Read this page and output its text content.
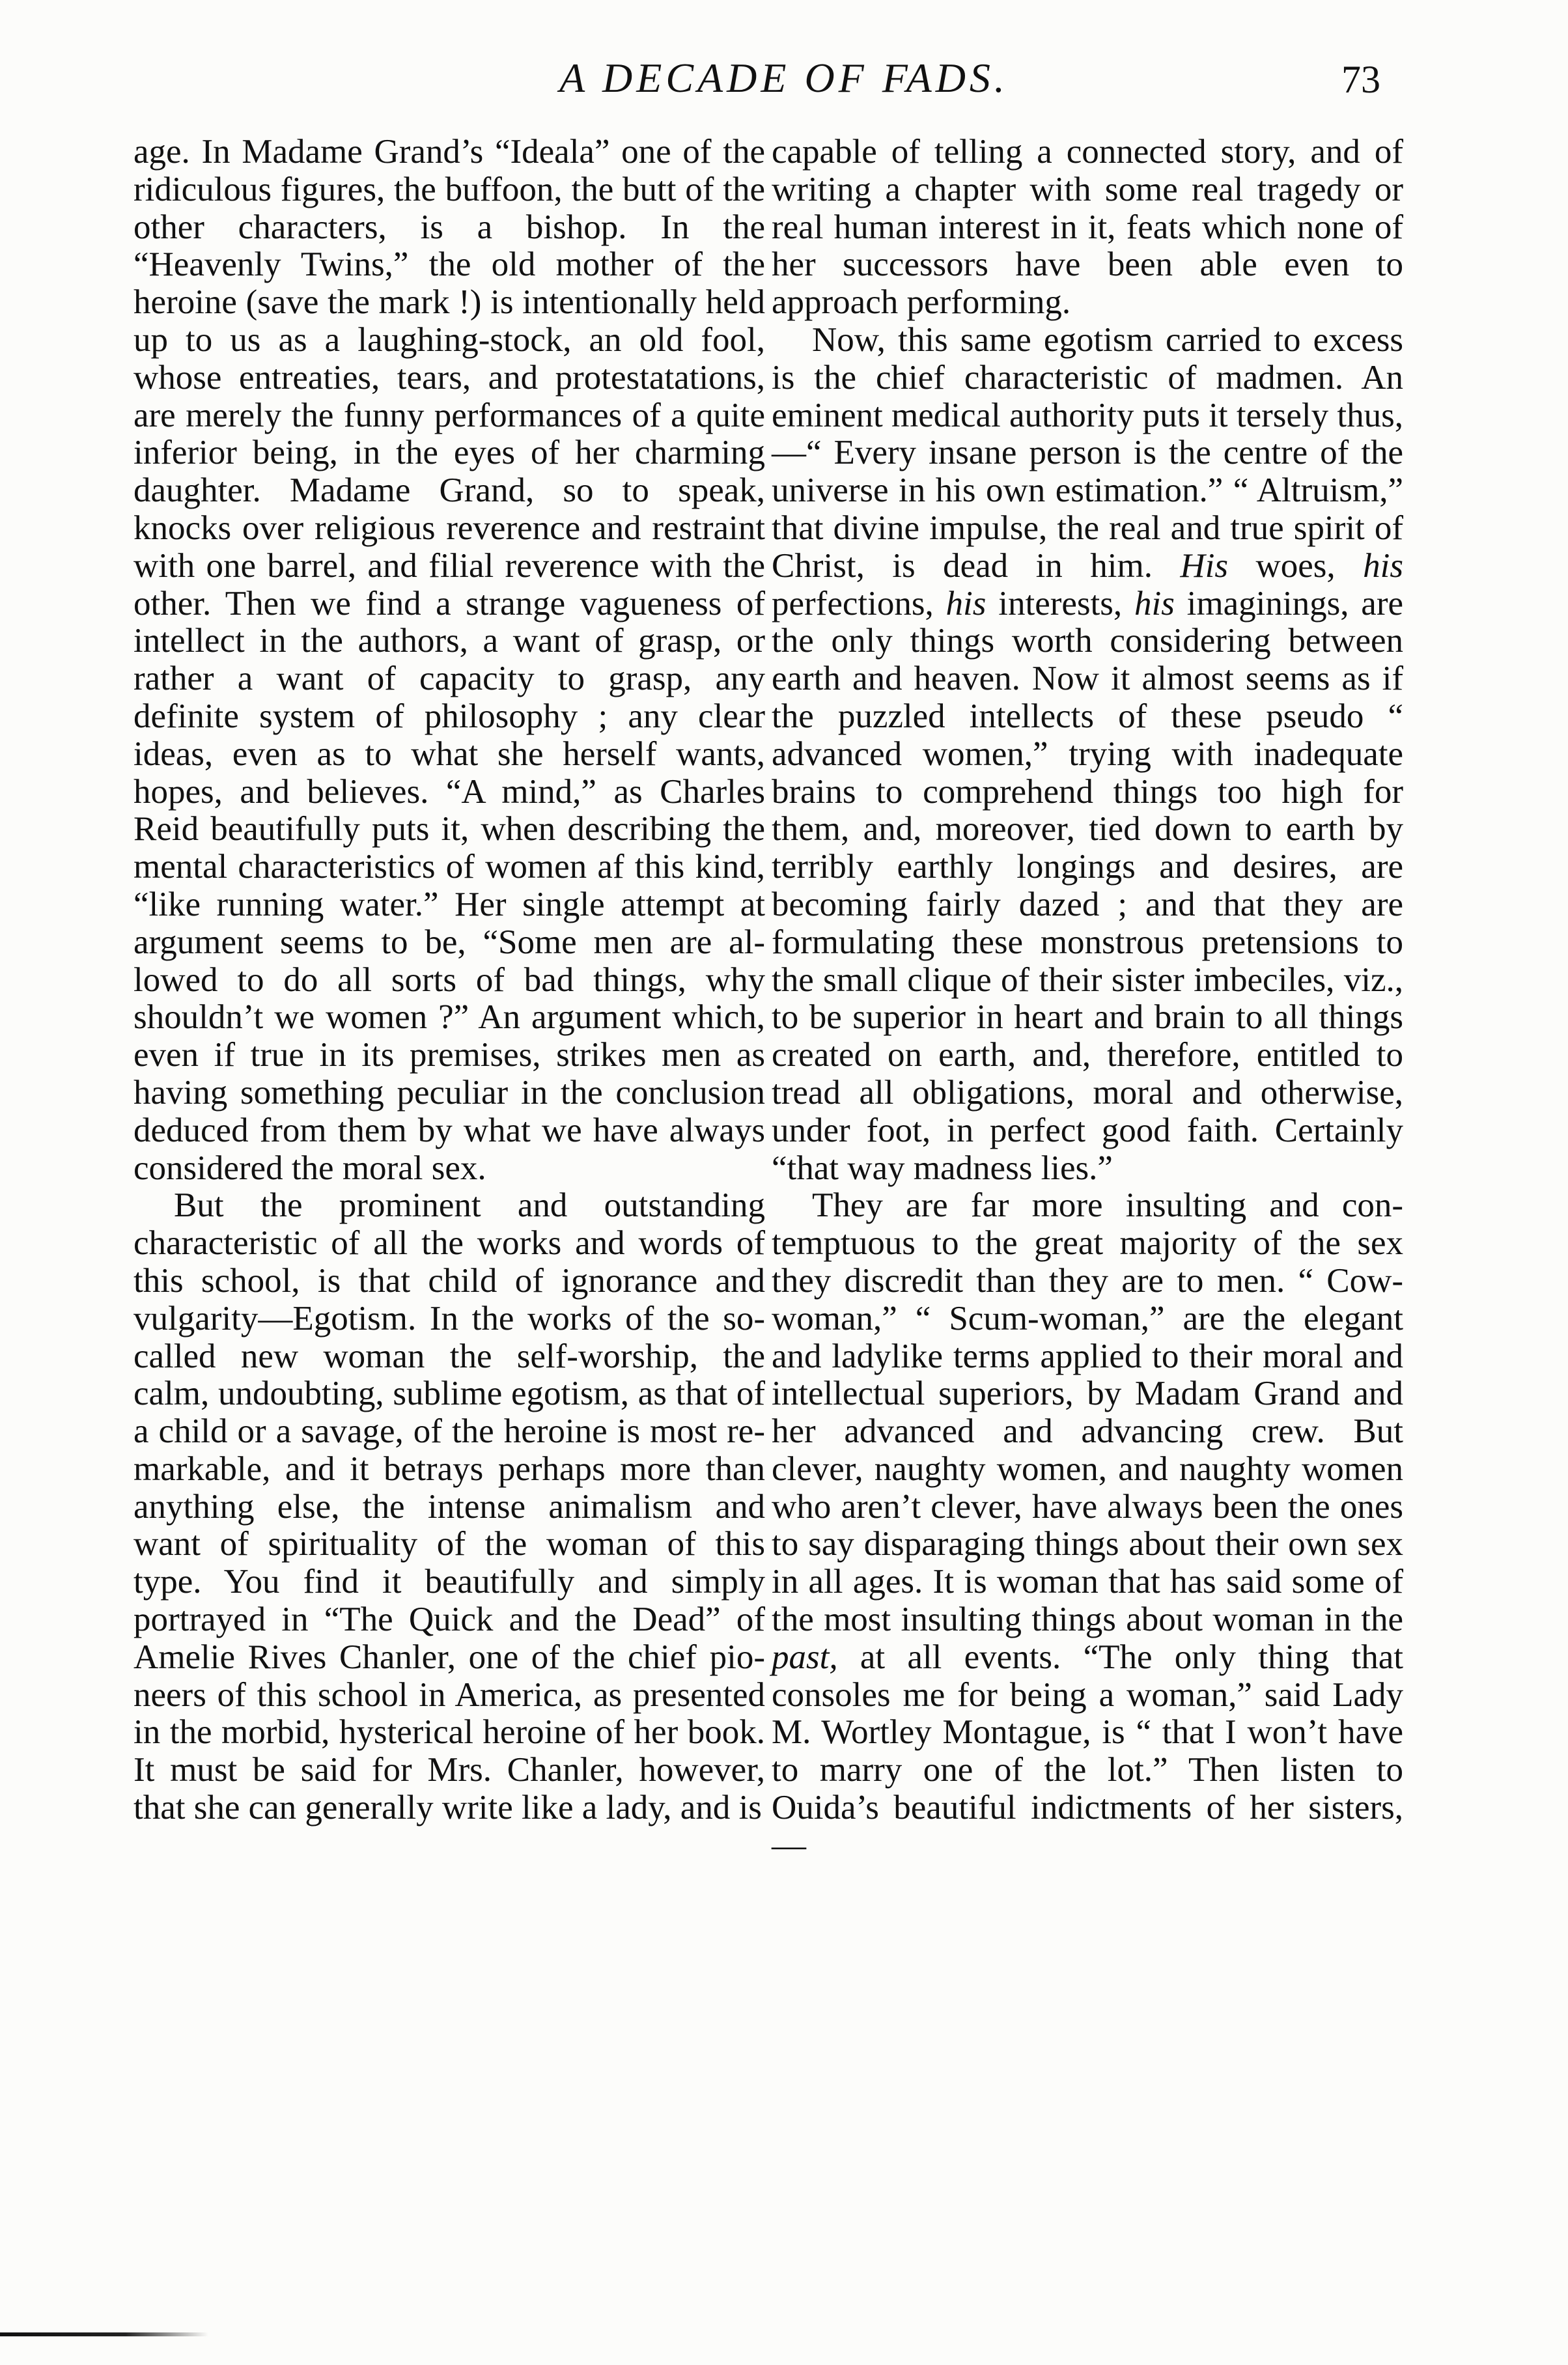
A DECADE OF FADS.	73

age. In Madame Grand’s “Ideala” one of the ridiculous figures, the buffoon, the butt of the other characters, is a bishop. In the “Heavenly Twins,” the old mother of the heroine (save the mark !) is intentionally held up to us as a laughing-stock, an old fool, whose entreaties, tears, and protestatations, are merely the funny performances of a quite inferior being, in the eyes of her charming daughter. Madame Grand, so to speak, knocks over religious reverence and restraint with one barrel, and filial reverence with the other. Then we find a strange vagueness of intellect in the authors, a want of grasp, or rather a want of capacity to grasp, any definite system of philosophy ; any clear ideas, even as to what she herself wants, hopes, and believes. “A mind,” as Charles Reid beautifully puts it, when describing the mental characteristics of women af this kind, “like running water.” Her single attempt at argument seems to be, “Some men are allowed to do all sorts of bad things, why shouldn’t we women ?” An argument which, even if true in its premises, strikes men as having something peculiar in the conclusion deduced from them by what we have always considered the moral sex.

But the prominent and outstanding characteristic of all the works and words of this school, is that child of ignorance and vulgarity—Egotism. In the works of the so-called new woman the self-worship, the calm, undoubting, sublime egotism, as that of a child or a savage, of the heroine is most remarkable, and it betrays perhaps more than anything else, the intense animalism and want of spirituality of the woman of this type. You find it beautifully and simply portrayed in “The Quick and the Dead” of Amelie Rives Chanler, one of the chief pioneers of this school in America, as presented in the morbid, hysterical heroine of her book. It must be said for Mrs. Chanler, however, that she can generally write like a lady, and is

capable of telling a connected story, and of writing a chapter with some real tragedy or real human interest in it, feats which none of her successors have been able even to approach performing.

Now, this same egotism carried to excess is the chief characteristic of madmen. An eminent medical authority puts it tersely thus,—“ Every insane person is the centre of the universe in his own estimation.” “ Altruism,” that divine impulse, the real and true spirit of Christ, is dead in him. His woes, his perfections, his interests, his imaginings, are the only things worth considering between earth and heaven. Now it almost seems as if the puzzled intellects of these pseudo “ advanced women,” trying with inadequate brains to comprehend things too high for them, and, moreover, tied down to earth by terribly earthly longings and desires, are becoming fairly dazed ; and that they are formulating these monstrous pretensions to the small clique of their sister imbeciles, viz., to be superior in heart and brain to all things created on earth, and, therefore, entitled to tread all obligations, moral and otherwise, under foot, in perfect good faith. Certainly “that way madness lies.”

They are far more insulting and contemptuous to the great majority of the sex they discredit than they are to men. “ Cow-woman,” “ Scum-woman,” are the elegant and ladylike terms applied to their moral and intellectual superiors, by Madam Grand and her advanced and advancing crew. But clever, naughty women, and naughty women who aren’t clever, have always been the ones to say disparaging things about their own sex in all ages. It is woman that has said some of the most insulting things about woman in the past, at all events. “The only thing that consoles me for being a woman,” said Lady M. Wortley Montague, is “ that I won’t have to marry one of the lot.” Then listen to Ouida’s beautiful indictments of her sisters,—
